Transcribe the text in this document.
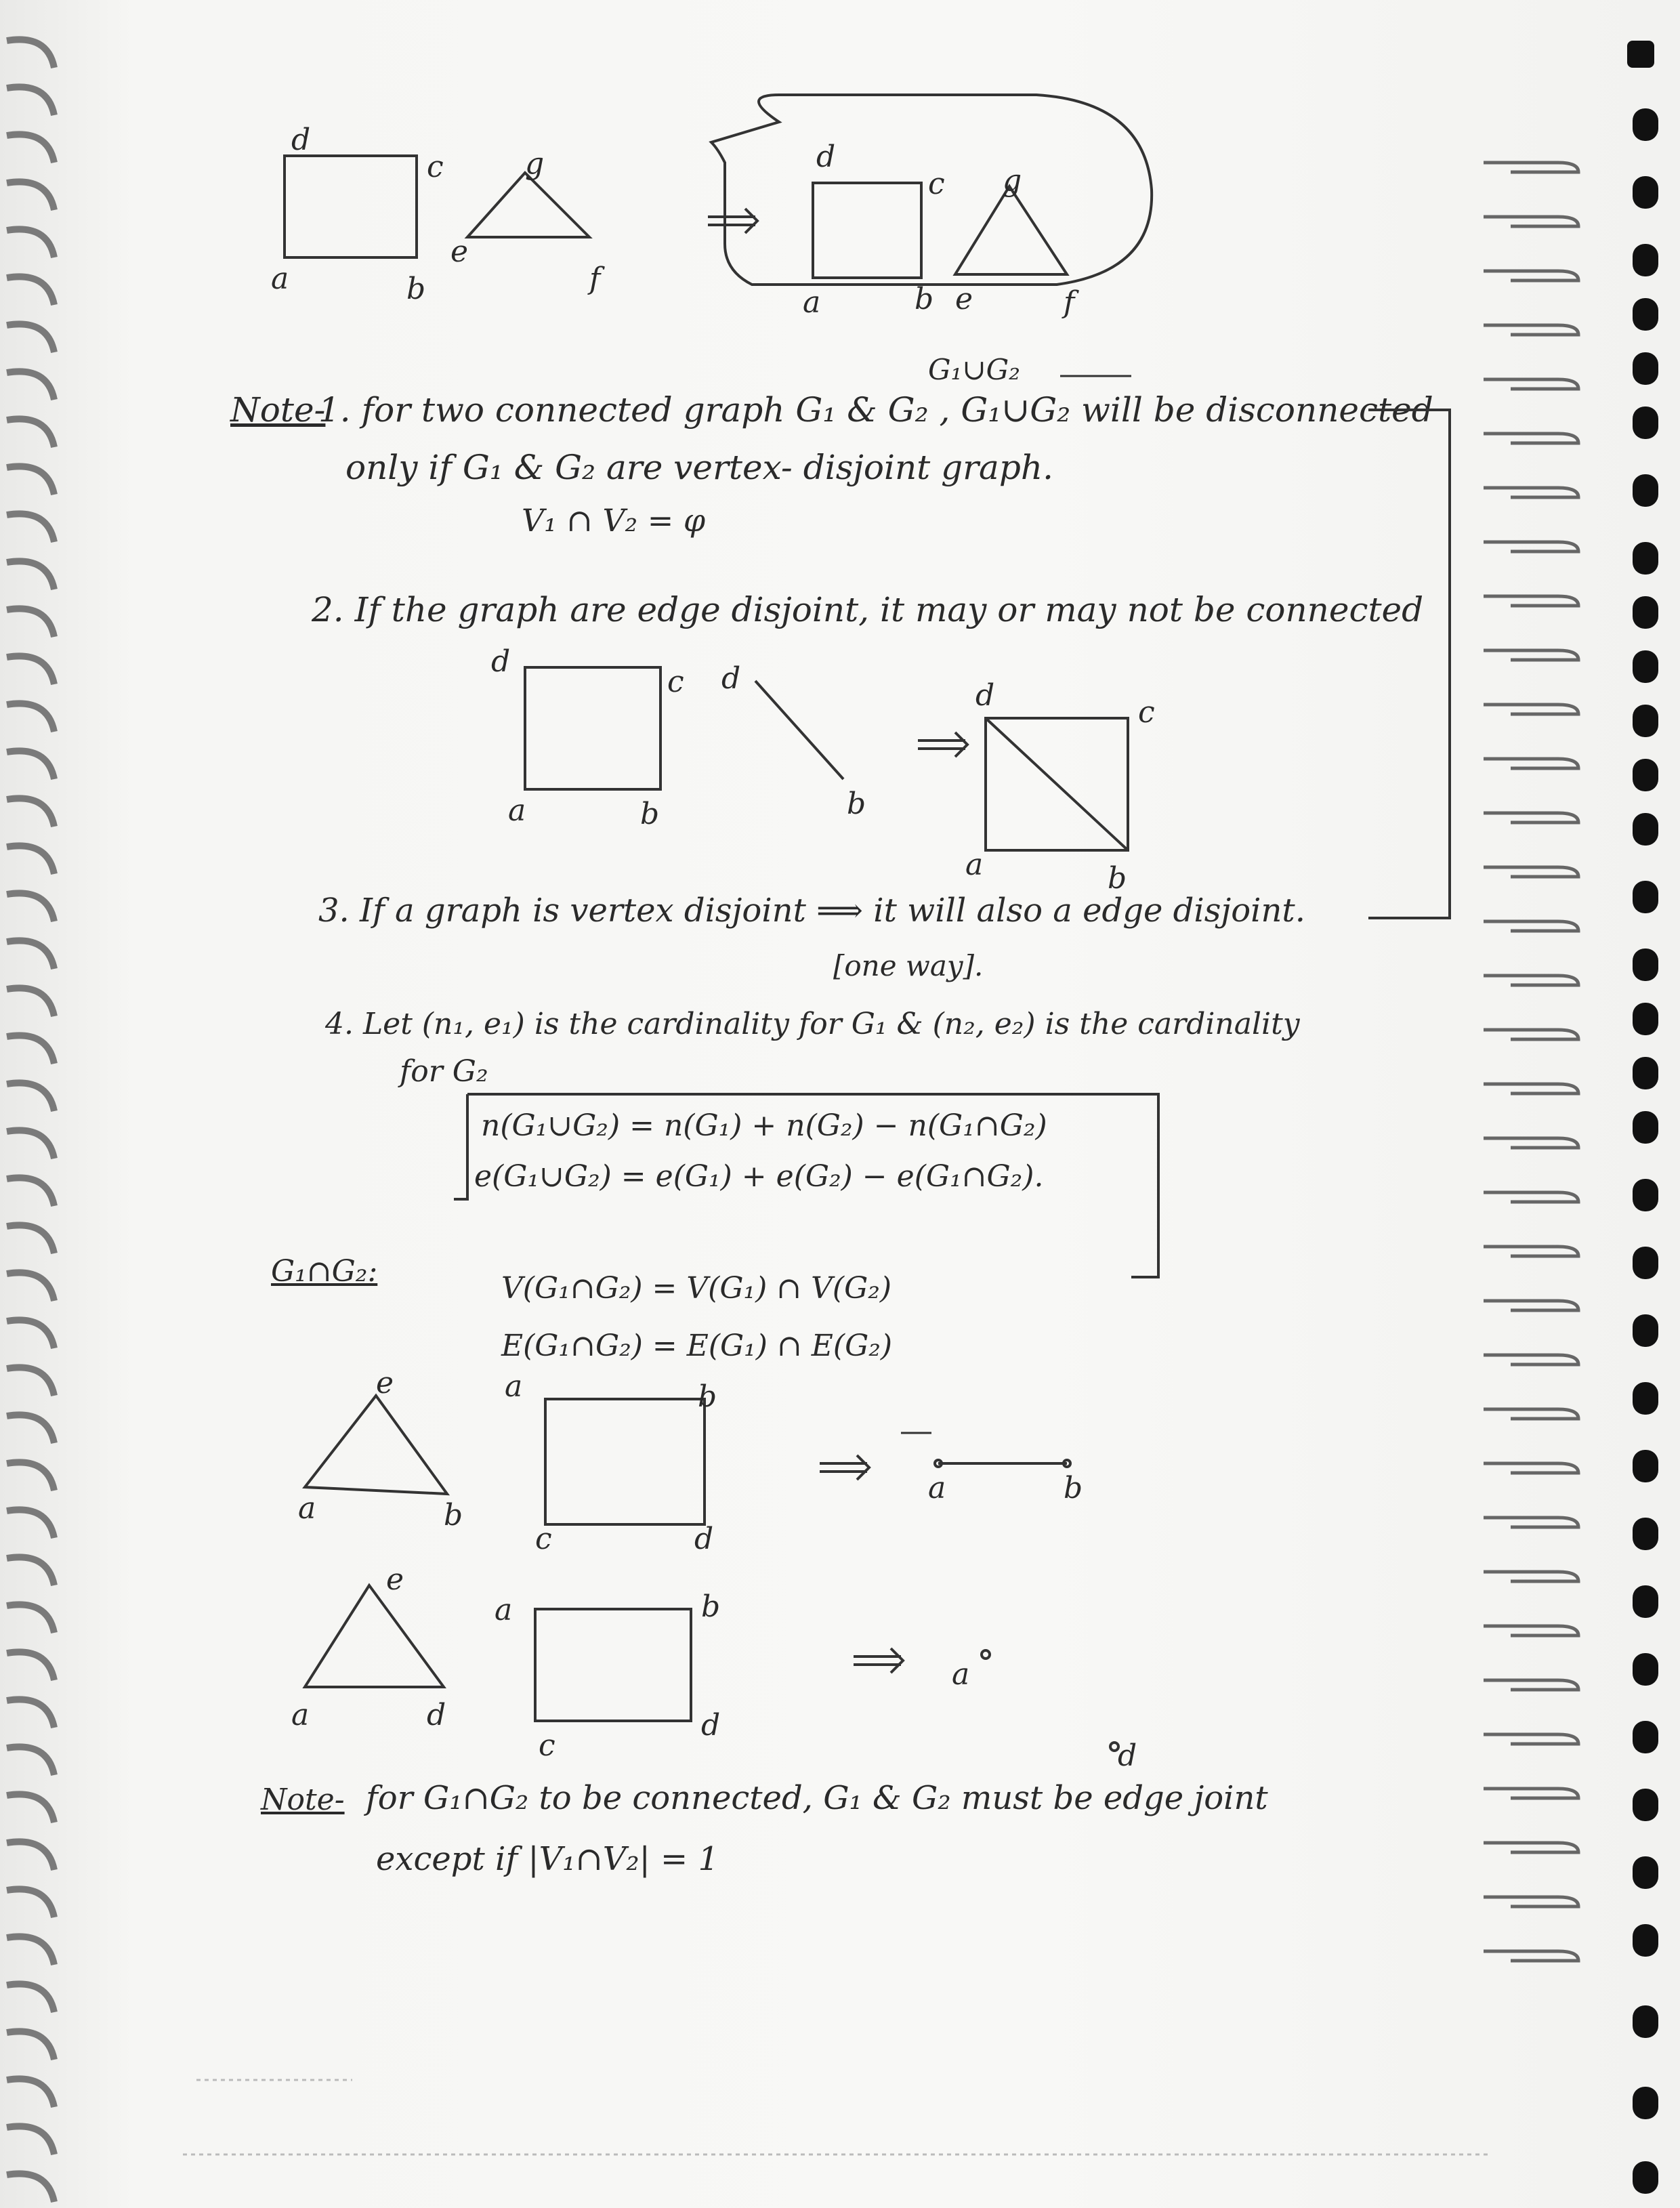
d
c
a	b
g
e
f
d
c g
a	b e	f
G₁∪G₂
Note-
1. for two connected graph G₁ & G₂ , G₁∪G₂ will be disconnected
only if G₁ & G₂ are vertex- disjoint graph.
V₁ ∩ V₂ = φ
2. If the graph are edge disjoint, it may or may not be connected
d
c
a	b
d
b
d	c
a	b
3. If a graph is vertex disjoint ⟹ it will also a edge disjoint.
[one way].
4. Let (n₁, e₁) is the cardinality for G₁ & (n₂, e₂) is the cardinality
for G₂
n(G₁∪G₂) = n(G₁) + n(G₂) − n(G₁∩G₂)
e(G₁∪G₂) = e(G₁) + e(G₂) − e(G₁∩G₂).
G₁∩G₂:	V(G₁∩G₂) = V(G₁) ∩ V(G₂)
E(G₁∩G₂) = E(G₁) ∩ E(G₂)
e
a	b
a	b
c	d
a	b
e
a	d
a	b
c
d
a
d
Note- for G₁∩G₂ to be connected, G₁ & G₂ must be edge joint
except if |V₁∩V₂| = 1
